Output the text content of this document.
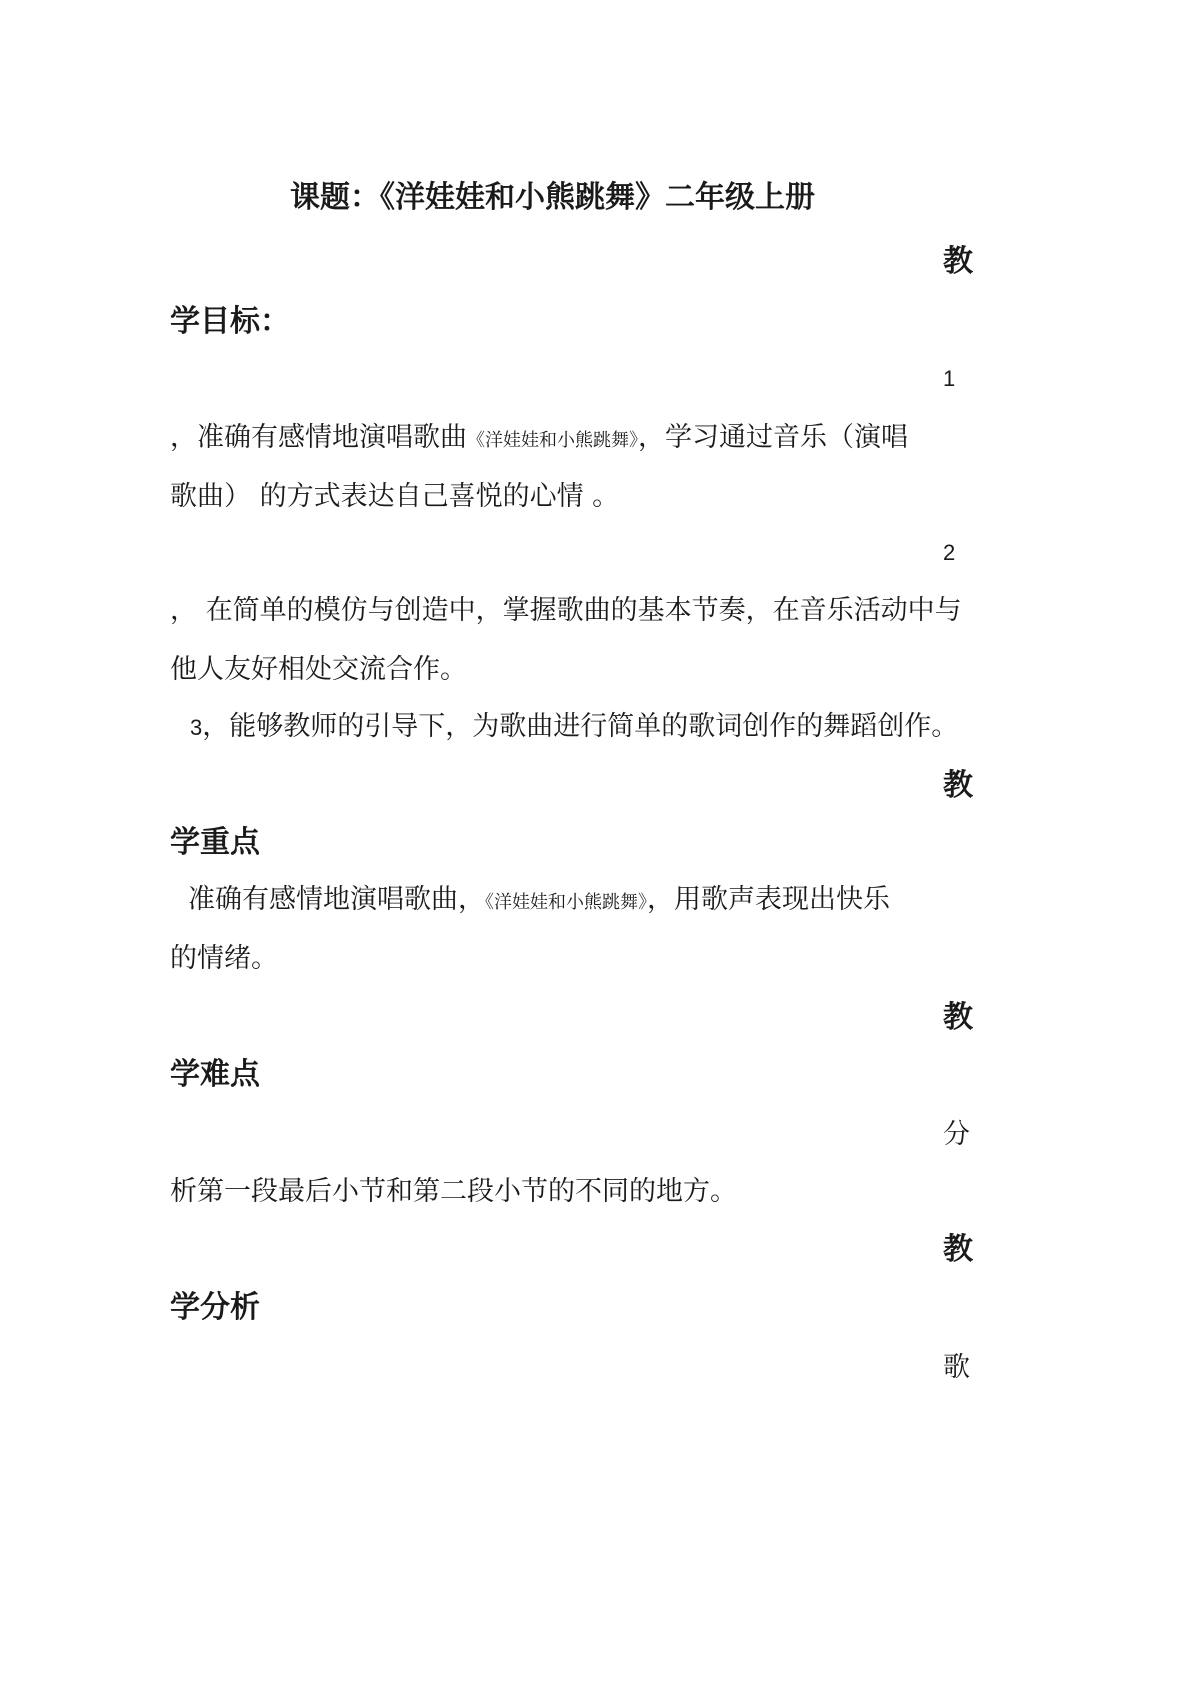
课题：《洋娃娃和小熊跳舞》二年级上册
教
学目标：
1
，准确有感情地演唱歌曲《洋娃娃和小熊跳舞》，学习通过音乐（演唱
歌曲） 的方式表达自己喜悦的心情 。
2
， 在简单的模仿与创造中，掌握歌曲的基本节奏，在音乐活动中与
他人友好相处交流合作。
3，能够教师的引导下，为歌曲进行简单的歌词创作的舞蹈创作。
教
学重点
准确有感情地演唱歌曲，《洋娃娃和小熊跳舞》，用歌声表现出快乐
的情绪。
教
学难点
分
析第一段最后小节和第二段小节的不同的地方。
教
学分析
歌
